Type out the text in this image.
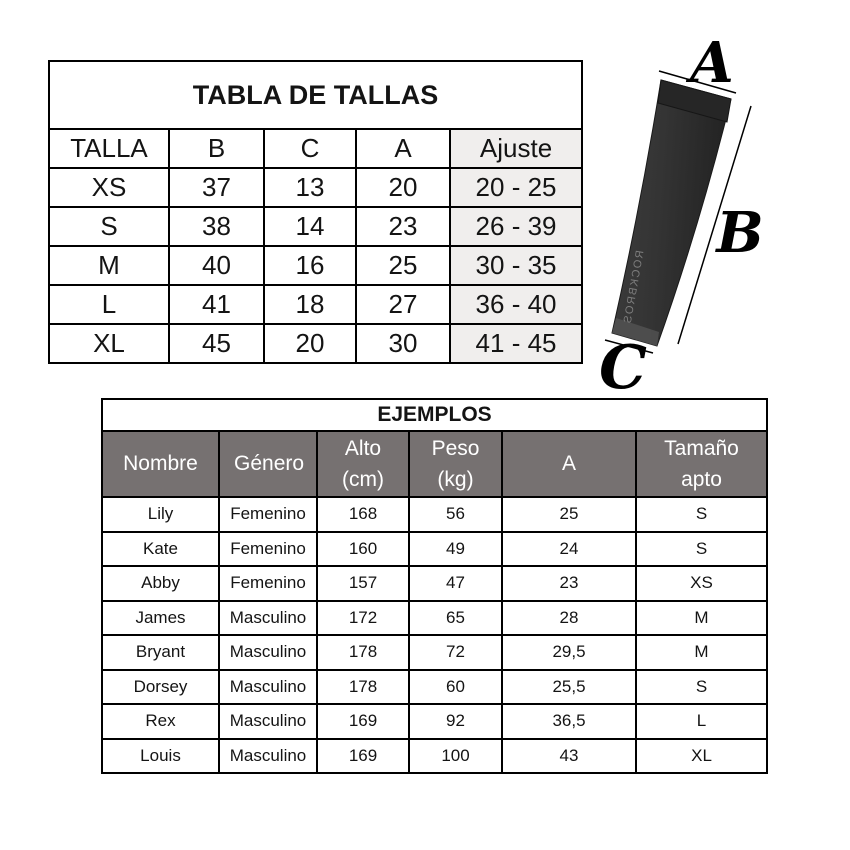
TABLA DE TALLAS				
TALLA	B	C	A	Ajuste
XS	37	13	20	20 - 25
S	38	14	23	26 - 39
M	40	16	25	30 - 35
L	41	18	27	36 - 40
XL	45	20	30	41 - 45
EJEMPLOS					
Nombre	Género	Alto (cm)	Peso (kg)	A	Tamaño apto
Lily	Femenino	168	56	25	S
Kate	Femenino	160	49	24	S
Abby	Femenino	157	47	23	XS
James	Masculino	172	65	28	M
Bryant	Masculino	178	72	29,5	M
Dorsey	Masculino	178	60	25,5	S
Rex	Masculino	169	92	36,5	L
Louis	Masculino	169	100	43	XL
ROCKBROS
A
B
C
